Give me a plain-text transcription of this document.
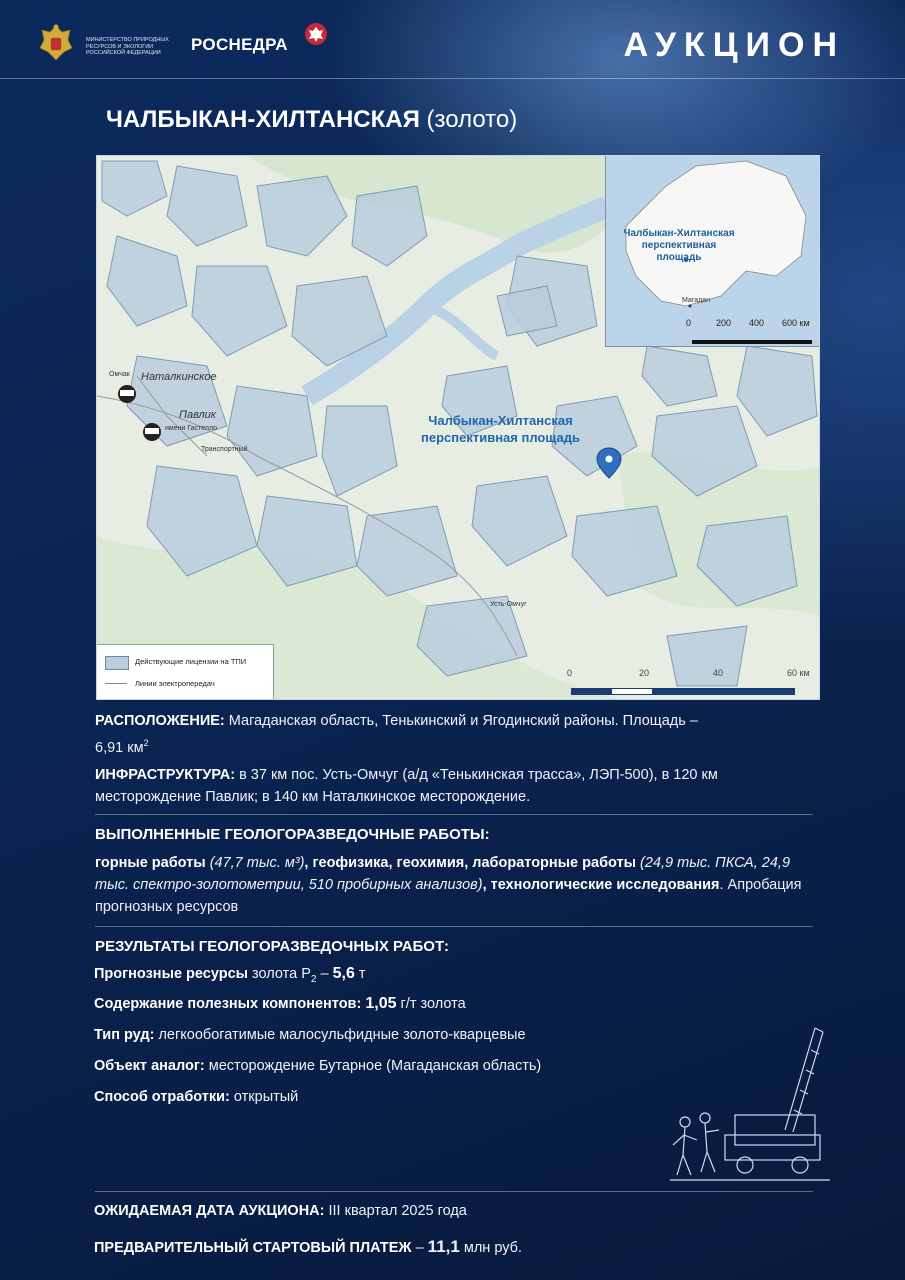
МИНИСТЕРСТВО ПРИРОДНЫХ РЕСУРСОВ И ЭКОЛОГИИ РОССИЙСКОЙ ФЕДЕРАЦИИ	РОСНЕДРА	АУКЦИОН
ЧАЛБЫКАН-ХИЛТАНСКАЯ (золото)
Чалбыкан-Хилтанская
перспективная площадь
Наталкинское
Павлик
Омчак
имени Гастелло
Транспортный
Усть-Омчуг
Чалбыкан-Хилтанская
перспективная
площадь
Магадан
0	200 400 600 км
Действующие лицензии на ТПИ
Линии электропередач
0	20	40	60 км
РАСПОЛОЖЕНИЕ: Магаданская область, Тенькинский и Ягодинский районы. Площадь –
6,91 $км^2$
ИНФРАСТРУКТУРА: в 37 км пос. Усть-Омчуг (а/д «Тенькинская трасса», ЛЭП-500), в 120 км месторождение Павлик; в 140 км Наталкинское месторождение.
ВЫПОЛНЕННЫЕ ГЕОЛОГОРАЗВЕДОЧНЫЕ РАБОТЫ:
горные работы (47,7 тыс. м³), геофизика, геохимия, лабораторные работы (24,9 тыс. ПКСА, 24,9 тыс. спектро-золотометрии, 510 пробирных анализов), технологические исследования. Апробация прогнозных ресурсов
РЕЗУЛЬТАТЫ ГЕОЛОГОРАЗВЕДОЧНЫХ РАБОТ:
Прогнозные ресурсы золота $Р_2 - 5,6$ т
Содержание полезных компонентов: 1,05 г/т золота
Тип руд: легкообогатимые малосульфидные золото-кварцевые
Объект аналог: месторождение Бутарное (Магаданская область)
Способ отработки: открытый
ОЖИДАЕМАЯ ДАТА АУКЦИОНА: III квартал 2025 года
ПРЕДВАРИТЕЛЬНЫЙ СТАРТОВЫЙ ПЛАТЕЖ – 11,1 млн руб.
